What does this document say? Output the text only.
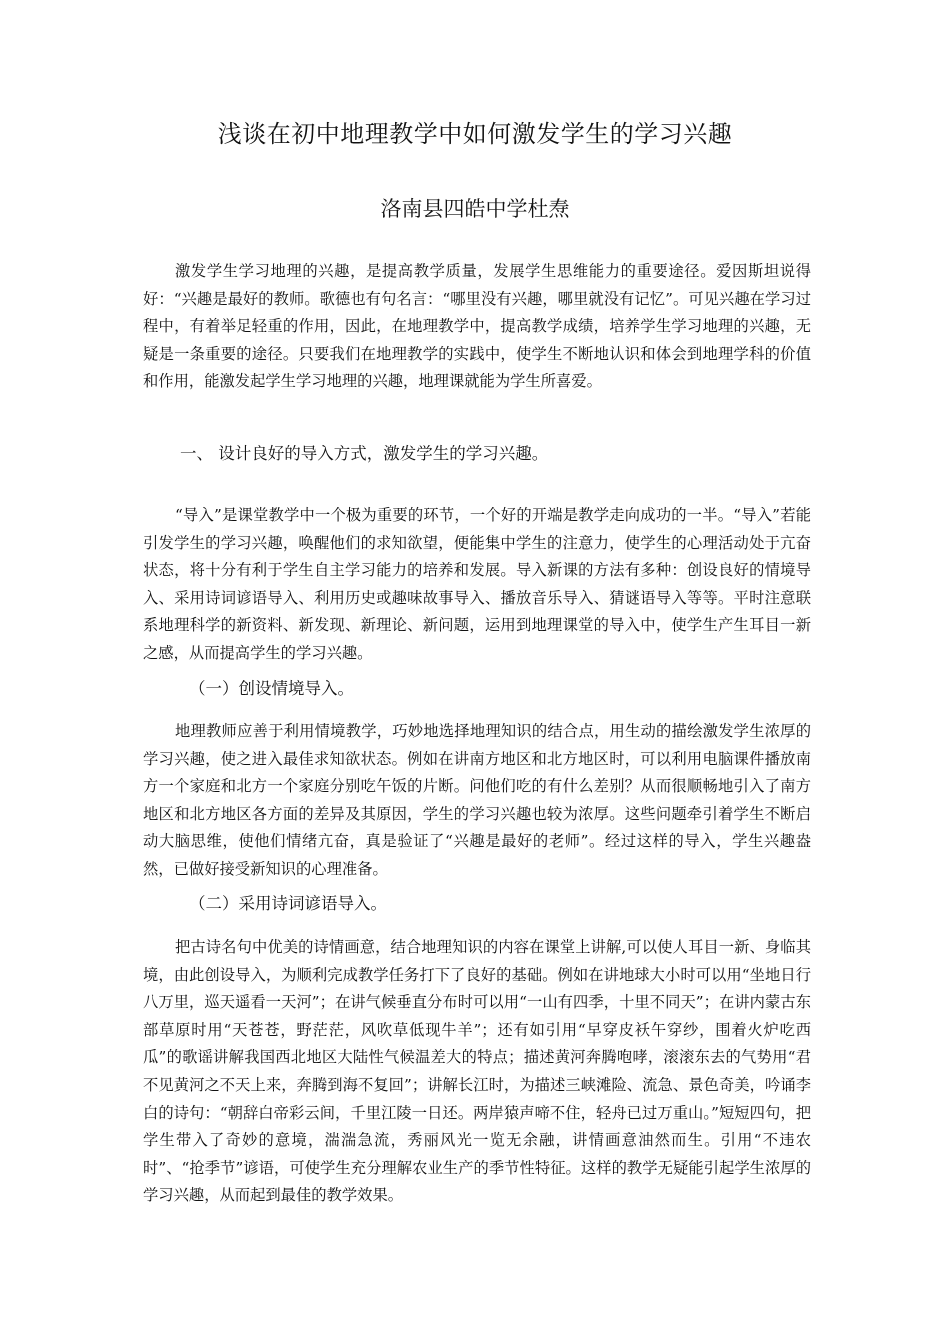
浅谈在初中地理教学中如何激发学生的学习兴趣
洛南县四皓中学杜焘

激发学生学习地理的兴趣，是提高教学质量，发展学生思维能力的重要途径。爱因斯坦说得好：“兴趣是最好的教师。歌德也有句名言：“哪里没有兴趣，哪里就没有记忆”。可见兴趣在学习过程中，有着举足轻重的作用，因此，在地理教学中，提高教学成绩，培养学生学习地理的兴趣，无疑是一条重要的途径。只要我们在地理教学的实践中，使学生不断地认识和体会到地理学科的价值和作用，能激发起学生学习地理的兴趣，地理课就能为学生所喜爱。

一、 设计良好的导入方式，激发学生的学习兴趣。

“导入”是课堂教学中一个极为重要的环节，一个好的开端是教学走向成功的一半。“导入”若能引发学生的学习兴趣，唤醒他们的求知欲望，便能集中学生的注意力，使学生的心理活动处于亢奋状态，将十分有利于学生自主学习能力的培养和发展。导入新课的方法有多种：创设良好的情境导入、采用诗词谚语导入、利用历史或趣味故事导入、播放音乐导入、猜谜语导入等等。平时注意联系地理科学的新资料、新发现、新理论、新问题，运用到地理课堂的导入中，使学生产生耳目一新之感，从而提高学生的学习兴趣。

（一）创设情境导入。

地理教师应善于利用情境教学，巧妙地选择地理知识的结合点，用生动的描绘激发学生浓厚的学习兴趣，使之进入最佳求知欲状态。例如在讲南方地区和北方地区时，可以利用电脑课件播放南方一个家庭和北方一个家庭分别吃午饭的片断。问他们吃的有什么差别？从而很顺畅地引入了南方地区和北方地区各方面的差异及其原因，学生的学习兴趣也较为浓厚。这些问题牵引着学生不断启动大脑思维，使他们情绪亢奋，真是验证了“兴趣是最好的老师”。经过这样的导入，学生兴趣盎然，已做好接受新知识的心理准备。

（二）采用诗词谚语导入。

把古诗名句中优美的诗情画意，结合地理知识的内容在课堂上讲解,可以使人耳目一新、身临其境，由此创设导入，为顺利完成教学任务打下了良好的基础。例如在讲地球大小时可以用“坐地日行八万里，巡天遥看一天河”；在讲气候垂直分布时可以用“一山有四季，十里不同天”；在讲内蒙古东部草原时用“天苍苍，野茫茫，风吹草低现牛羊”；还有如引用“早穿皮袄午穿纱，围着火炉吃西瓜”的歌谣讲解我国西北地区大陆性气候温差大的特点；描述黄河奔腾咆哮，滚滚东去的气势用“君不见黄河之不天上来，奔腾到海不复回”；讲解长江时，为描述三峡滩险、流急、景色奇美，吟诵李白的诗句：“朝辞白帝彩云间，千里江陵一日还。两岸猿声啼不住，轻舟已过万重山。”短短四句，把学生带入了奇妙的意境，湍湍急流，秀丽风光一览无余融，讲情画意油然而生。引用“不违农时”、“抢季节”谚语，可使学生充分理解农业生产的季节性特征。这样的教学无疑能引起学生浓厚的学习兴趣，从而起到最佳的教学效果。
